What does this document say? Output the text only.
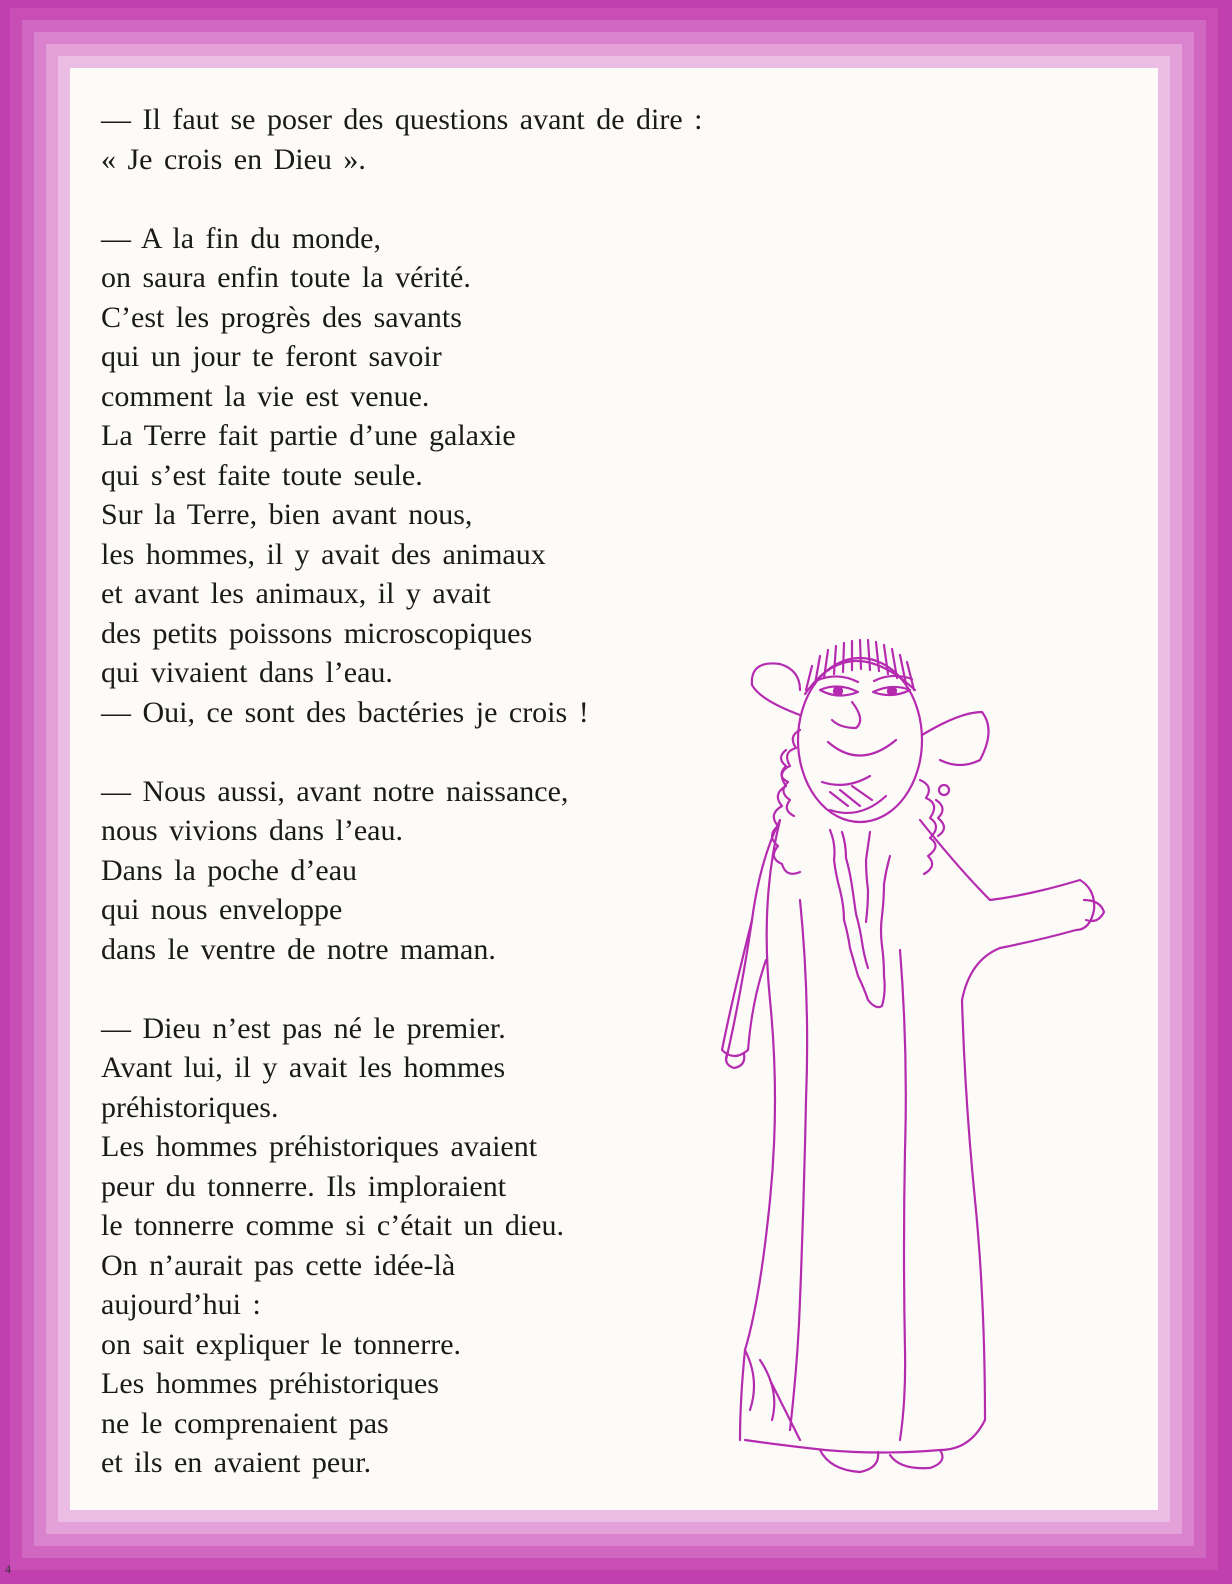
— Il faut se poser des questions avant de dire :
« Je crois en Dieu ».

— A la fin du monde,
on saura enfin toute la vérité.
C’est les progrès des savants
qui un jour te feront savoir
comment la vie est venue.
La Terre fait partie d’une galaxie
qui s’est faite toute seule.
Sur la Terre, bien avant nous,
les hommes, il y avait des animaux
et avant les animaux, il y avait
des petits poissons microscopiques
qui vivaient dans l’eau.
— Oui, ce sont des bactéries je crois !

— Nous aussi, avant notre naissance,
nous vivions dans l’eau.
Dans la poche d’eau
qui nous enveloppe
dans le ventre de notre maman.

— Dieu n’est pas né le premier.
Avant lui, il y avait les hommes
préhistoriques.
Les hommes préhistoriques avaient
peur du tonnerre. Ils imploraient
le tonnerre comme si c’était un dieu.
On n’aurait pas cette idée-là
aujourd’hui :
on sait expliquer le tonnerre.
Les hommes préhistoriques
ne le comprenaient pas
et ils en avaient peur.

4
